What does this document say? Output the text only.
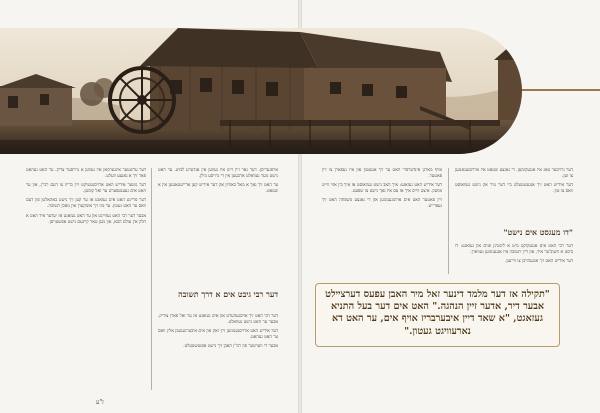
אויפגעריסן. דער גאר זיין זייט איז געווען אין אנדערע לבוש. ער האט נישט מער געוואלט ארבעטן אין די גרויסע מילן.

ער האט זיך נאך א מאל באוויזן און דער אידיש קען ארייגעגאנגען אין א שטאט.

דער רבי גיבט אים א דרך תשובה

דער רבי האט זיך אויסגעהערט און אים געזאגט אז ער זאל פארן צוריק. אבער ער האט נישט געוואלט.

דער אידיש האט ארויסגענומען זיין זאק און אים איבערגעגעבן אלץ וואס ער האט געהאט.

אבער די ווערטער פון רבי'ן האבן זיך נישט אפגעשטעלט.

דער ערשטער אינגערמאן איז געווען א גרויסער צדיק. ער האט געהאט פאר זיך א גאנצע וועלט.

דער גוטער אידיש האט ארויסגעשיקט זיין בריוו צו דעם רבי'ן, און ער האט אים געענטפערט ער זאל קומען.

דער פריינט האט אים געזאגט אז ער קען זיך נישט באהאלטן פון דעם וואס ער האט געטון. ער מוז זיך אומקערן און מאכן תשובה.

אבער דער רבי האט געוויינט און ער האט געזאגט אז יעדער איד האט א חלק אין עולם הבא, און מען טאר קיינעם נישט אפשטויסן.

ז"ע

דער גרויסער טאג איז אנגעקומען. די גאנצע שטאט איז ארויסגעגאנגען צו זען.

דער אידיש האט זיך אנגעשטעלט ביי דער טיר און נישט געוואוסט וואס צו טון.

"דו מעגסט אים נישט"

דער רבי האט אים אנגעקוקט מיט א ליכטיגן פנים און געזאגט: דו ביסט א חשוב'ער איד, און דיין תשובה איז אנגענומען געווארן.

דער אידיש האט זיך אנגעהויבן צו וויינען.

אויף מארגן אינדערפרי האט ער זיך אנגעטון און איז געפארן צו זיין פאטער.

דער אידיש האט געזאגט: איך האב נישט געוואוסט אז איך בין אזוי ווייט אוועק. איצט ווייס איך אז עס איז נאך נישט צו שפעט.

זיין פאטער האט אים ארומגענומען און די גאנצע משפחה האט זיך געפרייט.

"תקילה אז דער מלמד דינער זאל מיר האבן עפעס דערציילט אבער דיר, אדער זיין הנהגה." האט אים דער בעל התניא געזאגט, "א שאד דיין איבערבריז אויף אים, ער האט דא נארעוויגט געטון."
